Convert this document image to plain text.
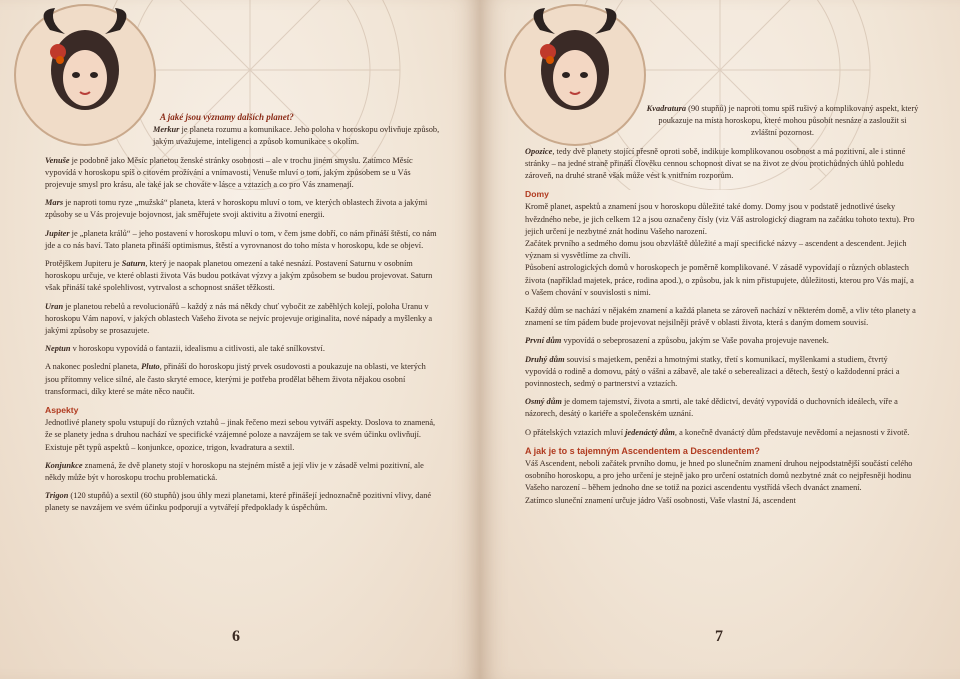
A jaké jsou významy dalších planet?

Merkur je planeta rozumu a komunikace. Jeho poloha v horoskopu ovlivňuje způsob, jakým uvažujeme, inteligenci a způsob komunikace s okolím.

Venuše je podobně jako Měsíc planetou ženské stránky osobnosti – ale v trochu jiném smyslu. Zatímco Měsíc vypovídá v horoskopu spíš o citovém prožívání a vnímavosti, Venuše mluví o tom, jakým způsobem se u Vás projevuje smysl pro krásu, ale také jak se chováte v lásce a vztazích a co pro Vás znamenají.

Mars je naproti tomu ryze „mužská“ planeta, která v horoskopu mluví o tom, ve kterých oblastech života a jakými způsoby se u Vás projevuje bojovnost, jak směřujete svoji aktivitu a životní energii.

Jupiter je „planeta králů“ – jeho postavení v horoskopu mluví o tom, v čem jsme dobří, co nám přináší štěstí, co nám jde a co nás baví. Tato planeta přináší optimismus, štěstí a vyrovnanost do toho místa v horoskopu, kde se objeví.

Protějškem Jupiteru je Saturn, který je naopak planetou omezení a také nesnází. Postavení Saturnu v osobním horoskopu určuje, ve které oblasti života Vás budou potkávat výzvy a jakým způsobem se budou projevovat. Saturn však přináší také spolehlivost, vytrvalost a schopnost snášet těžkosti.

Uran je planetou rebelů a revolucionářů – každý z nás má někdy chuť vybočit ze zaběhlých kolejí, poloha Uranu v horoskopu Vám napoví, v jakých oblastech Vašeho života se nejvíc projevuje originalita, nové nápady a myšlenky a jakými způsoby se prosazujete.

Neptun v horoskopu vypovídá o fantazii, idealismu a citlivosti, ale také snílkovství.

A nakonec poslední planeta, Pluto, přináší do horoskopu jistý prvek osudovosti a poukazuje na oblasti, ve kterých jsou přítomny velice silné, ale často skryté emoce, kterými je potřeba prodělat během života nějakou osobní transformaci, díky které se máte něco naučit.

Aspekty

Jednotlivé planety spolu vstupují do různých vztahů – jinak řečeno mezi sebou vytváří aspekty. Doslova to znamená, že se planety jedna s druhou nachází ve specifické vzájemné poloze a navzájem se tak ve svém účinku ovlivňují. Existuje pět typů aspektů – konjunkce, opozice, trigon, kvadratura a sextil.

Konjunkce znamená, že dvě planety stojí v horoskopu na stejném místě a její vliv je v zásadě velmi pozitivní, ale někdy může být v horoskopu trochu problematická.

Trigon (120 stupňů) a sextil (60 stupňů) jsou úhly mezi planetami, které přinášejí jednoznačně pozitivní vlivy, dané planety se navzájem ve svém účinku podporují a vytvářejí předpoklady k úspěchům.

6

Kvadratura (90 stupňů) je naproti tomu spíš rušivý a komplikovaný aspekt, který poukazuje na místa horoskopu, které mohou působit nesnáze a zasloužit si zvláštní pozornost.

Opozice, tedy dvě planety stojící přesně oproti sobě, indikuje komplikovanou osobnost a má pozitivní, ale i stinné stránky – na jedné straně přináší člověku cennou schopnost dívat se na život ze dvou protichůdných úhlů pohledu zároveň, na druhé straně však může vést k vnitřním rozporům.

Domy

Kromě planet, aspektů a znamení jsou v horoskopu důležité také domy. Domy jsou v podstatě jednotlivé úseky hvězdného nebe, je jich celkem 12 a jsou označeny čísly (viz Váš astrologický diagram na začátku tohoto textu). Pro jejich určení je nezbytné znát hodinu Vašeho narození.

Začátek prvního a sedmého domu jsou obzvláště důležité a mají specifické názvy – ascendent a descendent. Jejich význam si vysvětlíme za chvíli.

Působení astrologických domů v horoskopech je poměrně komplikované. V zásadě vypovídají o různých oblastech života (například majetek, práce, rodina apod.), o způsobu, jak k nim přistupujete, důležitosti, kterou pro Vás mají, a o Vašem chování v souvislosti s nimi.

Každý dům se nachází v nějakém znamení a každá planeta se zároveň nachází v některém domě, a vliv této planety a znamení se tím pádem bude projevovat nejsilněji právě v oblasti života, která s daným domem souvisí.

První dům vypovídá o sebeprosazení a způsobu, jakým se Vaše povaha projevuje navenek.

Druhý dům souvisí s majetkem, penězi a hmotnými statky, třetí s komunikací, myšlenkami a studiem, čtvrtý vypovídá o rodině a domovu, pátý o vášni a zábavě, ale také o seberealizaci a dětech, šestý o každodenní práci a povinnostech, sedmý o partnerství a vztazích.

Osmý dům je domem tajemství, života a smrti, ale také dědictví, devátý vypovídá o duchovních ideálech, víře a názorech, desátý o kariéře a společenském uznání.

O přátelských vztazích mluví jedenáctý dům, a konečně dvanáctý dům představuje nevědomí a nejasnosti v životě.

A jak je to s tajemným Ascendentem a Descendentem?

Váš Ascendent, neboli začátek prvního domu, je hned po slunečním znamení druhou nejpodstatnější součástí celého osobního horoskopu, a pro jeho určení je stejně jako pro určení ostatních domů nezbytné znát co nejpřesněji hodinu Vašeho narození – během jednoho dne se totiž na pozici ascendentu vystřídá všech dvanáct znamení.

Zatímco sluneční znamení určuje jádro Vaší osobnosti, Vaše vlastní Já, ascendent

7
